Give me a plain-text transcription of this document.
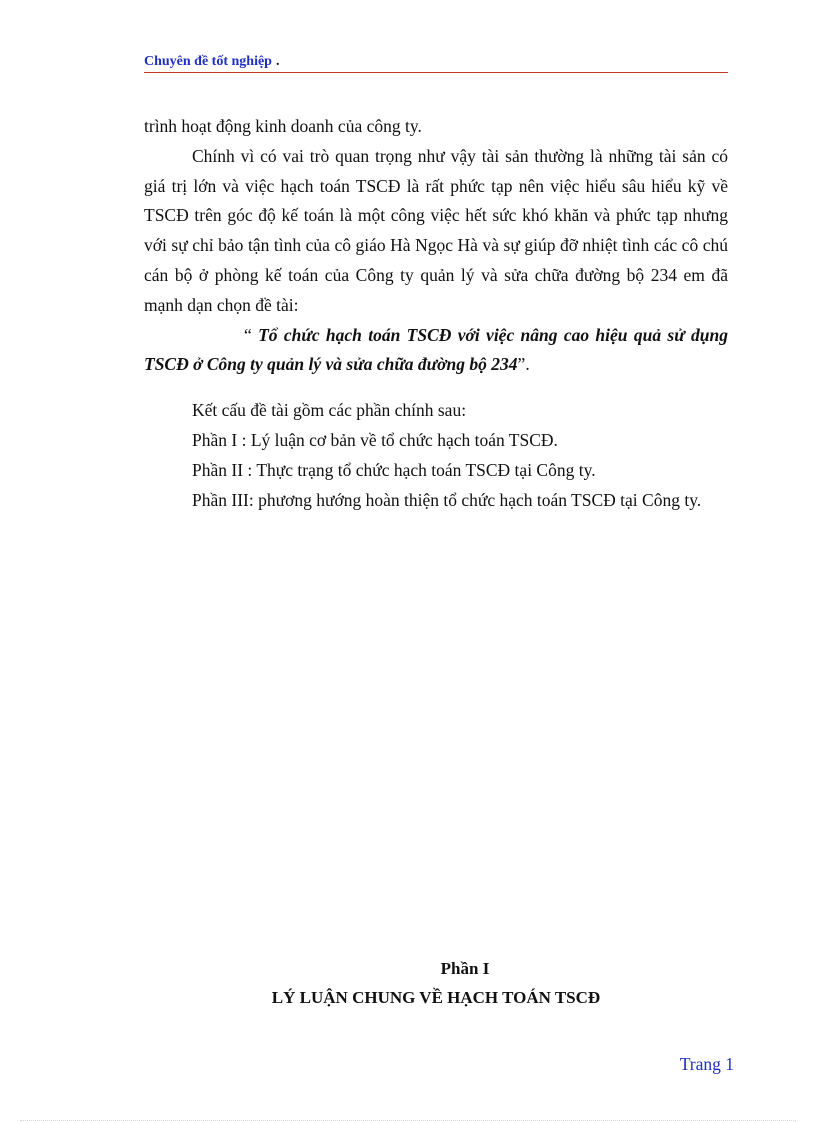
Chuyên đề tốt nghiệp .

trình hoạt động kinh doanh của công ty.

Chính vì có vai trò quan trọng như vậy tài sản thường là những tài sản có giá trị lớn và việc hạch toán TSCĐ là rất phức tạp nên việc hiểu sâu hiểu kỹ về TSCĐ trên góc độ kế toán là một công việc hết sức khó khăn và phức tạp nhưng với sự chỉ bảo tận tình của cô giáo Hà Ngọc Hà và sự giúp đỡ nhiệt tình các cô chú cán bộ ở phòng kế toán của Công ty quản lý và sửa chữa đường bộ 234 em đã mạnh dạn chọn đề tài:

“ Tổ chức hạch toán TSCĐ với việc nâng cao hiệu quả sử dụng TSCĐ ở Công ty quản lý và sửa chữa đường bộ 234”.

Kết cấu đề tài gồm các phần chính sau:

Phần I : Lý luận cơ bản về tổ chức hạch toán TSCĐ.

Phần II : Thực trạng tổ chức hạch toán TSCĐ tại Công ty.

Phần III: phương hướng hoàn thiện tổ chức hạch toán TSCĐ tại Công ty.

Phần I
LÝ LUẬN CHUNG VỀ HẠCH TOÁN TSCĐ
Trang 1
